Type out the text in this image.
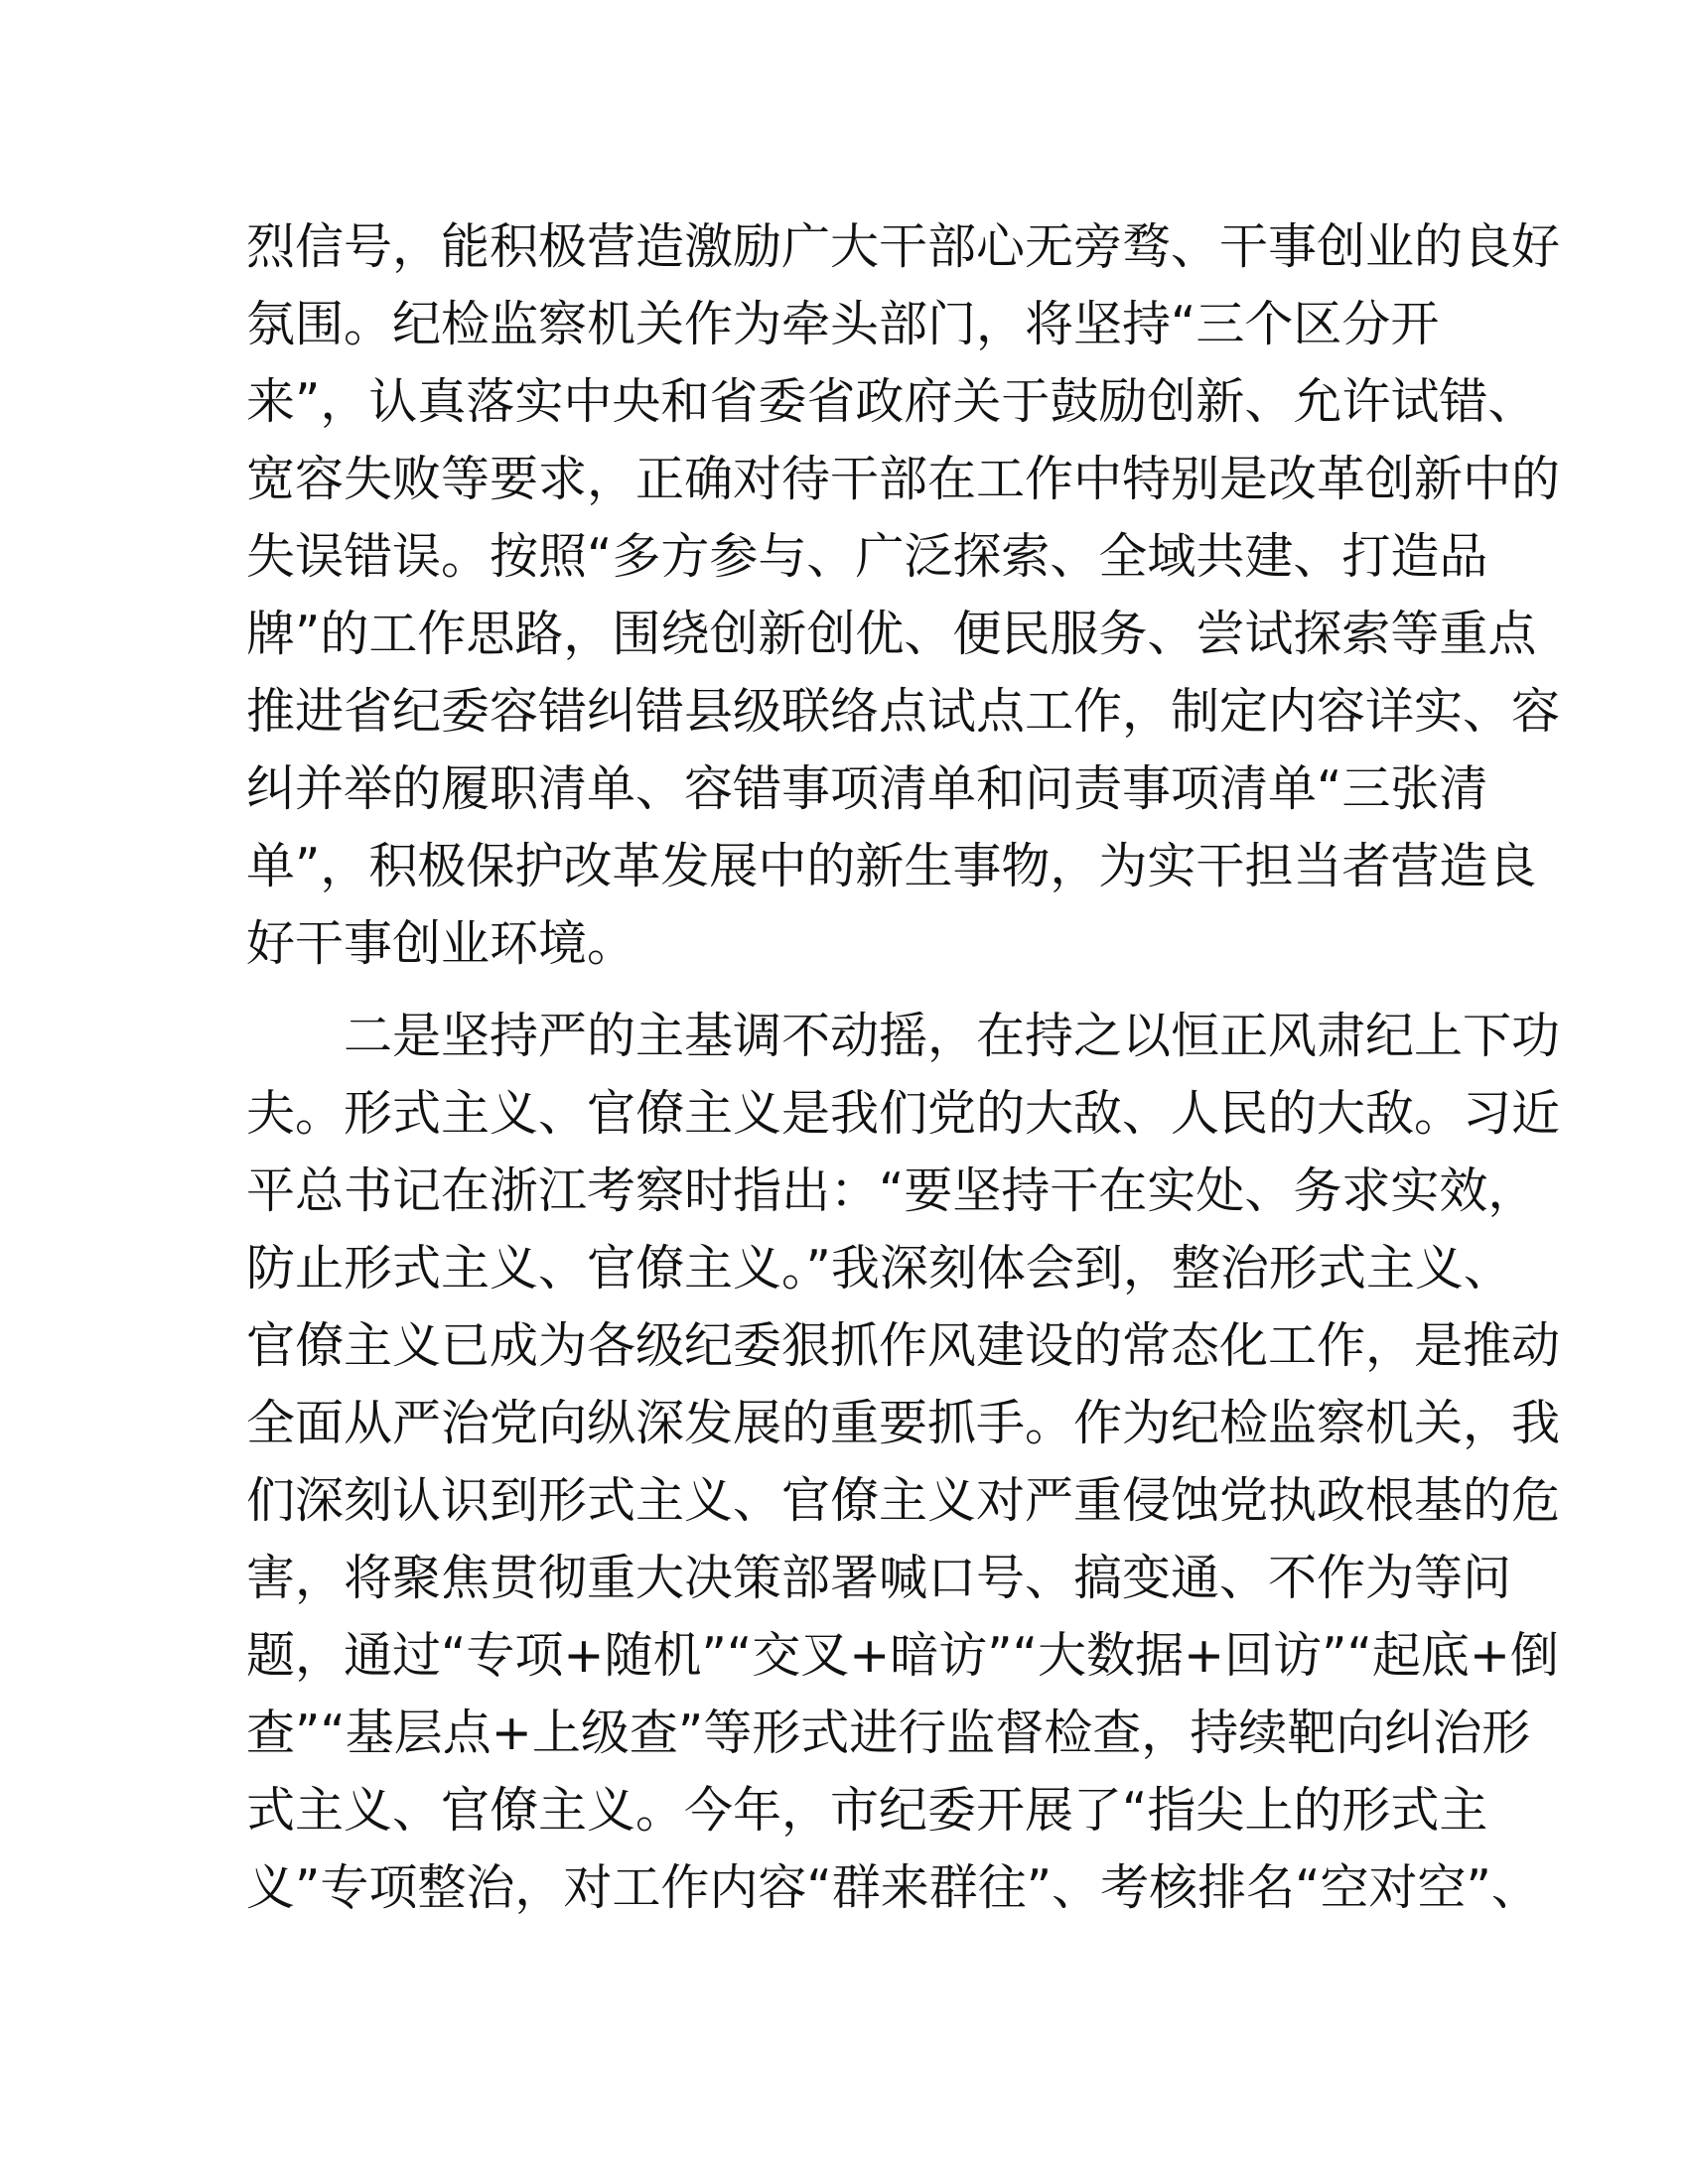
烈信号，能积极营造激励广大干部心无旁骛、干事创业的良好
氛围。纪检监察机关作为牵头部门，将坚持“三个区分开
来”，认真落实中央和省委省政府关于鼓励创新、允许试错、
宽容失败等要求，正确对待干部在工作中特别是改革创新中的
失误错误。按照“多方参与、广泛探索、全域共建、打造品
牌”的工作思路，围绕创新创优、便民服务、尝试探索等重点
推进省纪委容错纠错县级联络点试点工作，制定内容详实、容
纠并举的履职清单、容错事项清单和问责事项清单“三张清
单”，积极保护改革发展中的新生事物，为实干担当者营造良
好干事创业环境。
　　二是坚持严的主基调不动摇，在持之以恒正风肃纪上下功
夫。形式主义、官僚主义是我们党的大敌、人民的大敌。习近
平总书记在浙江考察时指出：“要坚持干在实处、务求实效，
防止形式主义、官僚主义。”我深刻体会到，整治形式主义、
官僚主义已成为各级纪委狠抓作风建设的常态化工作，是推动
全面从严治党向纵深发展的重要抓手。作为纪检监察机关，我
们深刻认识到形式主义、官僚主义对严重侵蚀党执政根基的危
害，将聚焦贯彻重大决策部署喊口号、搞变通、不作为等问
题，通过“专项+随机”“交叉+暗访”“大数据+回访”“起底+倒
查”“基层点+上级查”等形式进行监督检查，持续靶向纠治形
式主义、官僚主义。今年，市纪委开展了“指尖上的形式主
义”专项整治，对工作内容“群来群往”、考核排名“空对空”、
